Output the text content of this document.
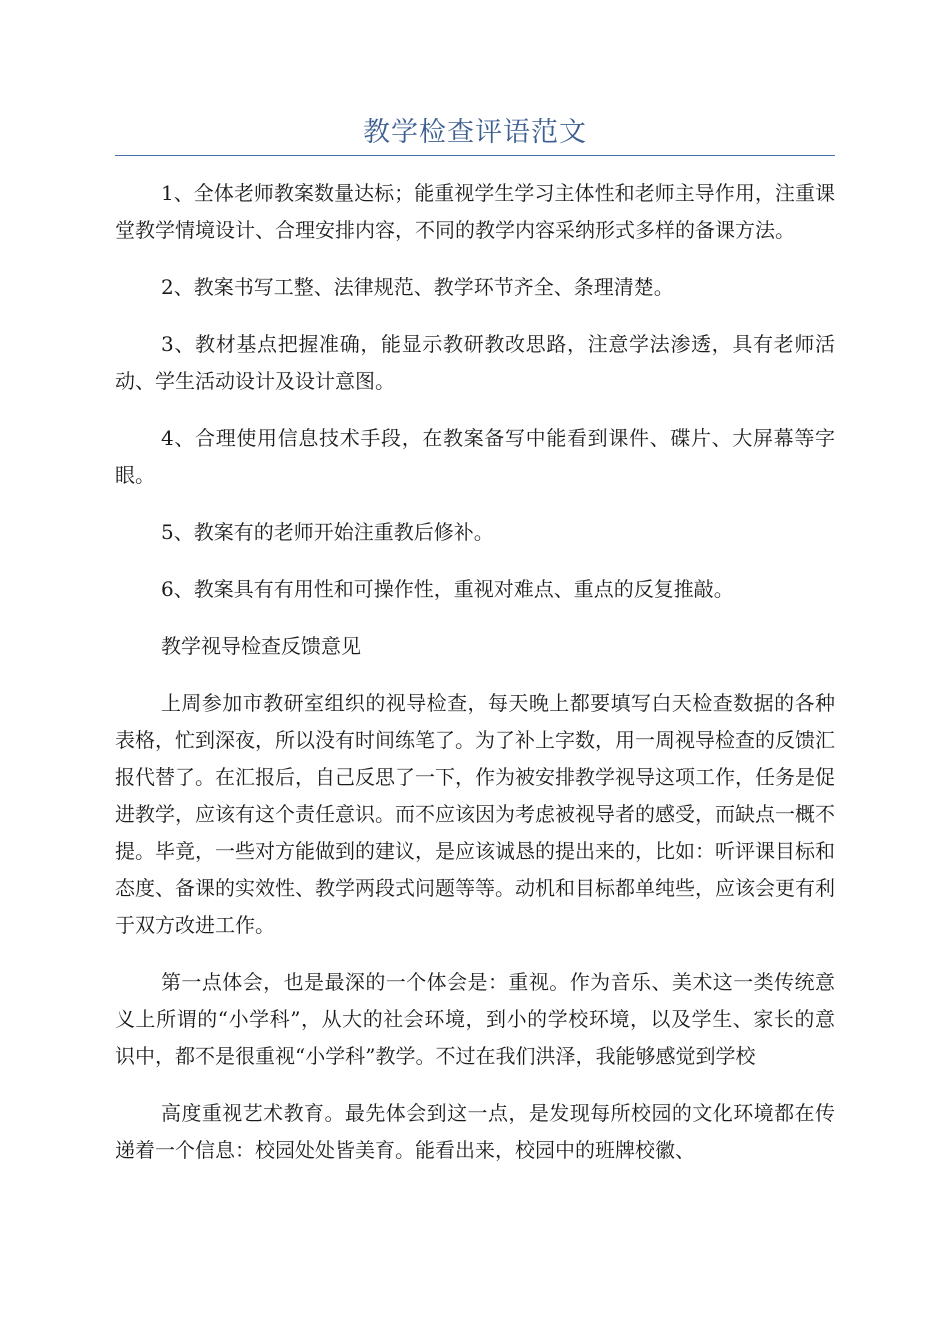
教学检查评语范文

1、全体老师教案数量达标；能重视学生学习主体性和老师主导作用，注重课堂教学情境设计、合理安排内容，不同的教学内容采纳形式多样的备课方法。

2、教案书写工整、法律规范、教学环节齐全、条理清楚。

3、教材基点把握准确，能显示教研教改思路，注意学法渗透，具有老师活动、学生活动设计及设计意图。

4、合理使用信息技术手段，在教案备写中能看到课件、碟片、大屏幕等字眼。

5、教案有的老师开始注重教后修补。

6、教案具有有用性和可操作性，重视对难点、重点的反复推敲。

教学视导检查反馈意见

上周参加市教研室组织的视导检查，每天晚上都要填写白天检查数据的各种表格，忙到深夜，所以没有时间练笔了。为了补上字数，用一周视导检查的反馈汇报代替了。在汇报后，自己反思了一下，作为被安排教学视导这项工作，任务是促进教学，应该有这个责任意识。而不应该因为考虑被视导者的感受，而缺点一概不提。毕竟，一些对方能做到的建议，是应该诚恳的提出来的，比如：听评课目标和态度、备课的实效性、教学两段式问题等等。动机和目标都单纯些，应该会更有利于双方改进工作。

第一点体会，也是最深的一个体会是：重视。作为音乐、美术这一类传统意义上所谓的“小学科”，从大的社会环境，到小的学校环境，以及学生、家长的意识中，都不是很重视“小学科”教学。不过在我们洪泽，我能够感觉到学校

高度重视艺术教育。最先体会到这一点，是发现每所校园的文化环境都在传递着一个信息：校园处处皆美育。能看出来，校园中的班牌校徽、
